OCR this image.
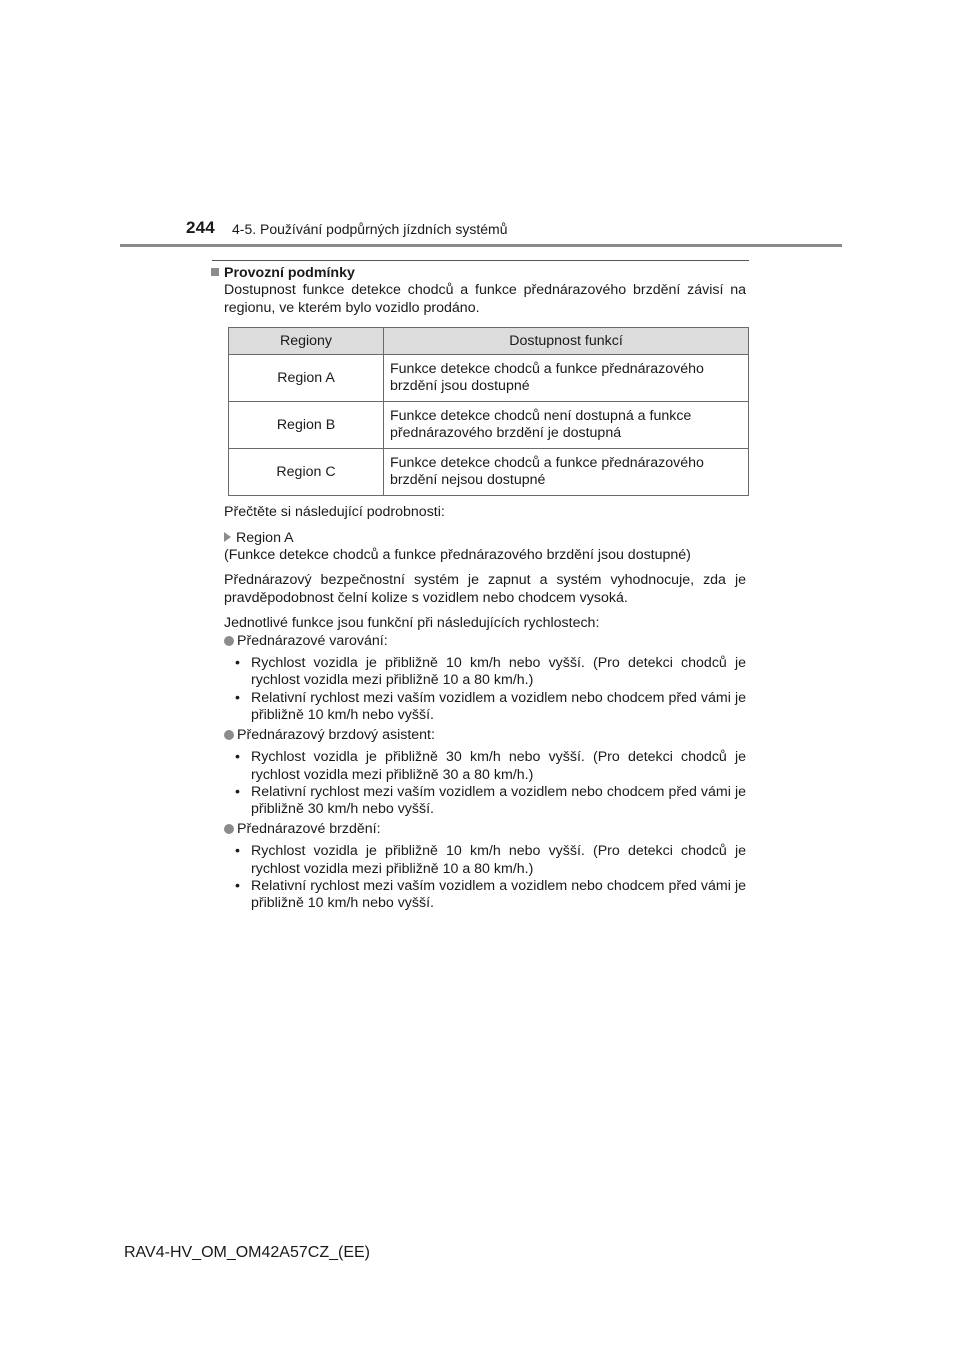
244 4-5. Používání podpůrných jízdních systémů

Provozní podmínky

Dostupnost funkce detekce chodců a funkce přednárazového brzdění závisí na regionu, ve kterém bylo vozidlo prodáno.

Regiony	Dostupnost funkcí
Region A	Funkce detekce chodců a funkce přednárazového brzdění jsou dostupné
Region B	Funkce detekce chodců není dostupná a funkce přednárazového brzdění je dostupná
Region C	Funkce detekce chodců a funkce přednárazového brzdění nejsou dostupné

Přečtěte si následující podrobnosti:

Region A
(Funkce detekce chodců a funkce přednárazového brzdění jsou dostupné)

Přednárazový bezpečnostní systém je zapnut a systém vyhodnocuje, zda je pravděpodobnost čelní kolize s vozidlem nebo chodcem vysoká.

Jednotlivé funkce jsou funkční při následujících rychlostech:

Přednárazové varování:
• Rychlost vozidla je přibližně 10 km/h nebo vyšší. (Pro detekci chodců je rychlost vozidla mezi přibližně 10 a 80 km/h.)
• Relativní rychlost mezi vaším vozidlem a vozidlem nebo chodcem před vámi je přibližně 10 km/h nebo vyšší.
Přednárazový brzdový asistent:
• Rychlost vozidla je přibližně 30 km/h nebo vyšší. (Pro detekci chodců je rychlost vozidla mezi přibližně 30 a 80 km/h.)
• Relativní rychlost mezi vaším vozidlem a vozidlem nebo chodcem před vámi je přibližně 30 km/h nebo vyšší.
Přednárazové brzdění:
• Rychlost vozidla je přibližně 10 km/h nebo vyšší. (Pro detekci chodců je rychlost vozidla mezi přibližně 10 a 80 km/h.)
• Relativní rychlost mezi vaším vozidlem a vozidlem nebo chodcem před vámi je přibližně 10 km/h nebo vyšší.
RAV4-HV_OM_OM42A57CZ_(EE)
